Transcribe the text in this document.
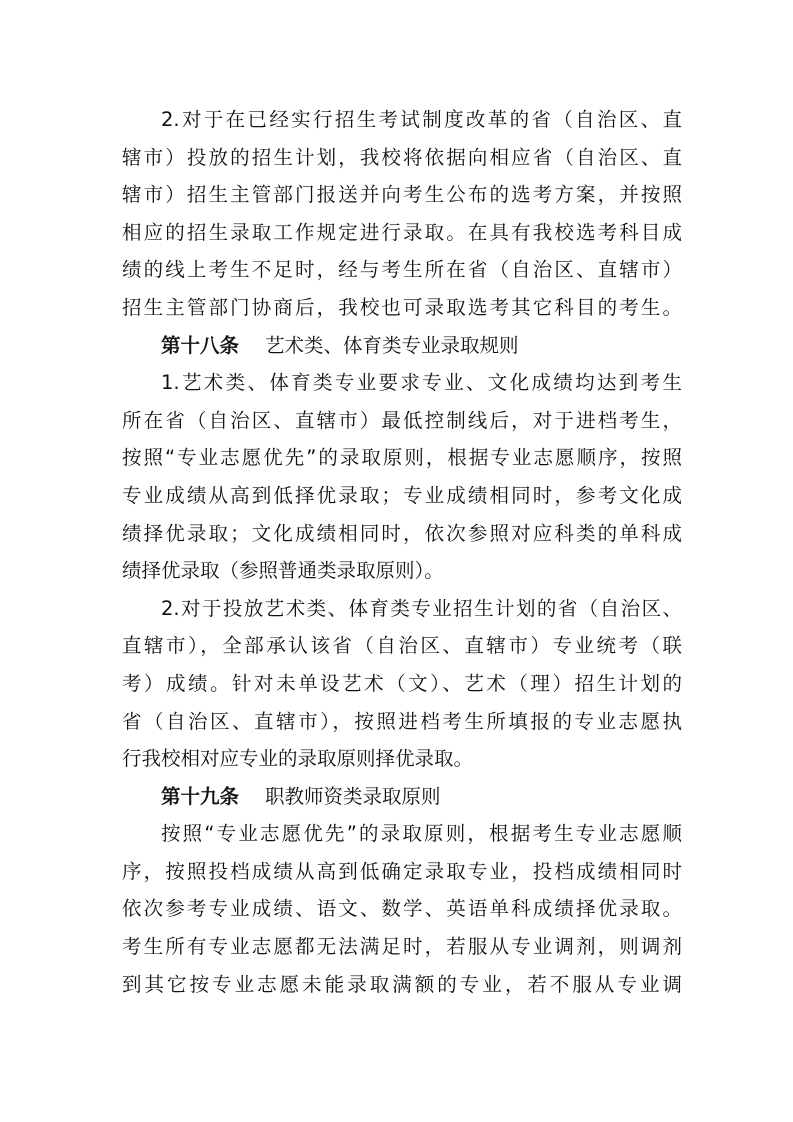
2.对于在已经实行招生考试制度改革的省（自治区、直
辖市）投放的招生计划，我校将依据向相应省（自治区、直
辖市）招生主管部门报送并向考生公布的选考方案，并按照
相应的招生录取工作规定进行录取。在具有我校选考科目成
绩的线上考生不足时，经与考生所在省（自治区、直辖市）
招生主管部门协商后，我校也可录取选考其它科目的考生。
第十八条 艺术类、体育类专业录取规则
1.艺术类、体育类专业要求专业、文化成绩均达到考生
所在省（自治区、直辖市）最低控制线后，对于进档考生，
按照“专业志愿优先”的录取原则，根据专业志愿顺序，按照
专业成绩从高到低择优录取；专业成绩相同时，参考文化成
绩择优录取；文化成绩相同时，依次参照对应科类的单科成
绩择优录取（参照普通类录取原则）。
2.对于投放艺术类、体育类专业招生计划的省（自治区、
直辖市），全部承认该省（自治区、直辖市）专业统考（联
考）成绩。针对未单设艺术（文）、艺术（理）招生计划的
省（自治区、直辖市），按照进档考生所填报的专业志愿执
行我校相对应专业的录取原则择优录取。
第十九条 职教师资类录取原则
按照“专业志愿优先”的录取原则，根据考生专业志愿顺
序，按照投档成绩从高到低确定录取专业，投档成绩相同时
依次参考专业成绩、语文、数学、英语单科成绩择优录取。
考生所有专业志愿都无法满足时，若服从专业调剂，则调剂
到其它按专业志愿未能录取满额的专业，若不服从专业调
